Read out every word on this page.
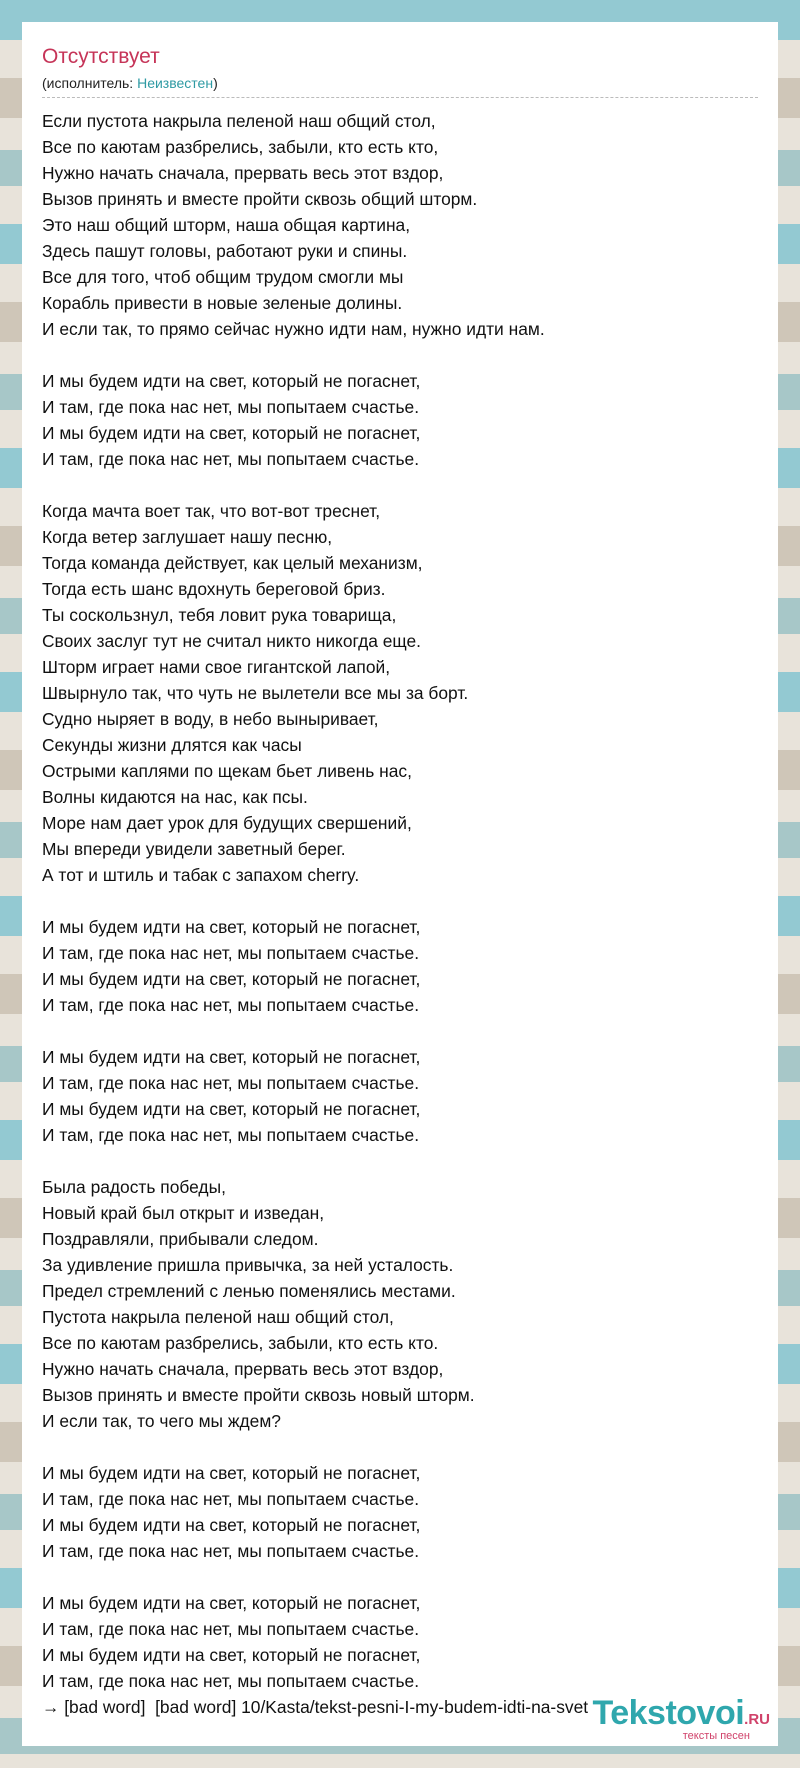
Отсутствует
(исполнитель: Неизвестен)
Если пустота накрыла пеленой наш общий стол,
Все по каютам разбрелись, забыли, кто есть кто,
Нужно начать сначала, прервать весь этот вздор,
Вызов принять и вместе пройти сквозь общий шторм.
Это наш общий шторм, наша общая картина,
Здесь пашут головы, работают руки и спины.
Все для того, чтоб общим трудом смогли мы
Корабль привести в новые зеленые долины.
И если так, то прямо сейчас нужно идти нам, нужно идти нам.
И мы будем идти на свет, который не погаснет,
И там, где пока нас нет, мы попытаем счастье.
И мы будем идти на свет, который не погаснет,
И там, где пока нас нет, мы попытаем счастье.
Когда мачта воет так, что вот-вот треснет,
Когда ветер заглушает нашу песню,
Тогда команда действует, как целый механизм,
Тогда есть шанс вдохнуть береговой бриз.
Ты соскользнул, тебя ловит рука товарища,
Своих заслуг тут не считал никто никогда еще.
Шторм играет нами свое гигантской лапой,
Швырнуло так, что чуть не вылетели все мы за борт.
Судно ныряет в воду, в небо выныривает,
Секунды жизни длятся как часы
Острыми каплями по щекам бьет ливень нас,
Волны кидаются на нас, как псы.
Море нам дает урок для будущих свершений,
Мы впереди увидели заветный берег.
А тот и штиль и табак с запахом cherry.
И мы будем идти на свет, который не погаснет,
И там, где пока нас нет, мы попытаем счастье.
И мы будем идти на свет, который не погаснет,
И там, где пока нас нет, мы попытаем счастье.
И мы будем идти на свет, который не погаснет,
И там, где пока нас нет, мы попытаем счастье.
И мы будем идти на свет, который не погаснет,
И там, где пока нас нет, мы попытаем счастье.
Была радость победы,
Новый край был открыт и изведан,
Поздравляли, прибывали следом.
За удивление пришла привычка, за ней усталость.
Предел стремлений с ленью поменялись местами.
Пустота накрыла пеленой наш общий стол,
Все по каютам разбрелись, забыли, кто есть кто.
Нужно начать сначала, прервать весь этот вздор,
Вызов принять и вместе пройти сквозь новый шторм.
И если так, то чего мы ждем?
И мы будем идти на свет, который не погаснет,
И там, где пока нас нет, мы попытаем счастье.
И мы будем идти на свет, который не погаснет,
И там, где пока нас нет, мы попытаем счастье.
И мы будем идти на свет, который не погаснет,
И там, где пока нас нет, мы попытаем счастье.
И мы будем идти на свет, который не погаснет,
И там, где пока нас нет, мы попытаем счастье.
→ [bad word]  [bad word] 10/Kasta/tekst-pesni-I-my-budem-idti-na-svet Tekstovoi.RU
тексты песен
